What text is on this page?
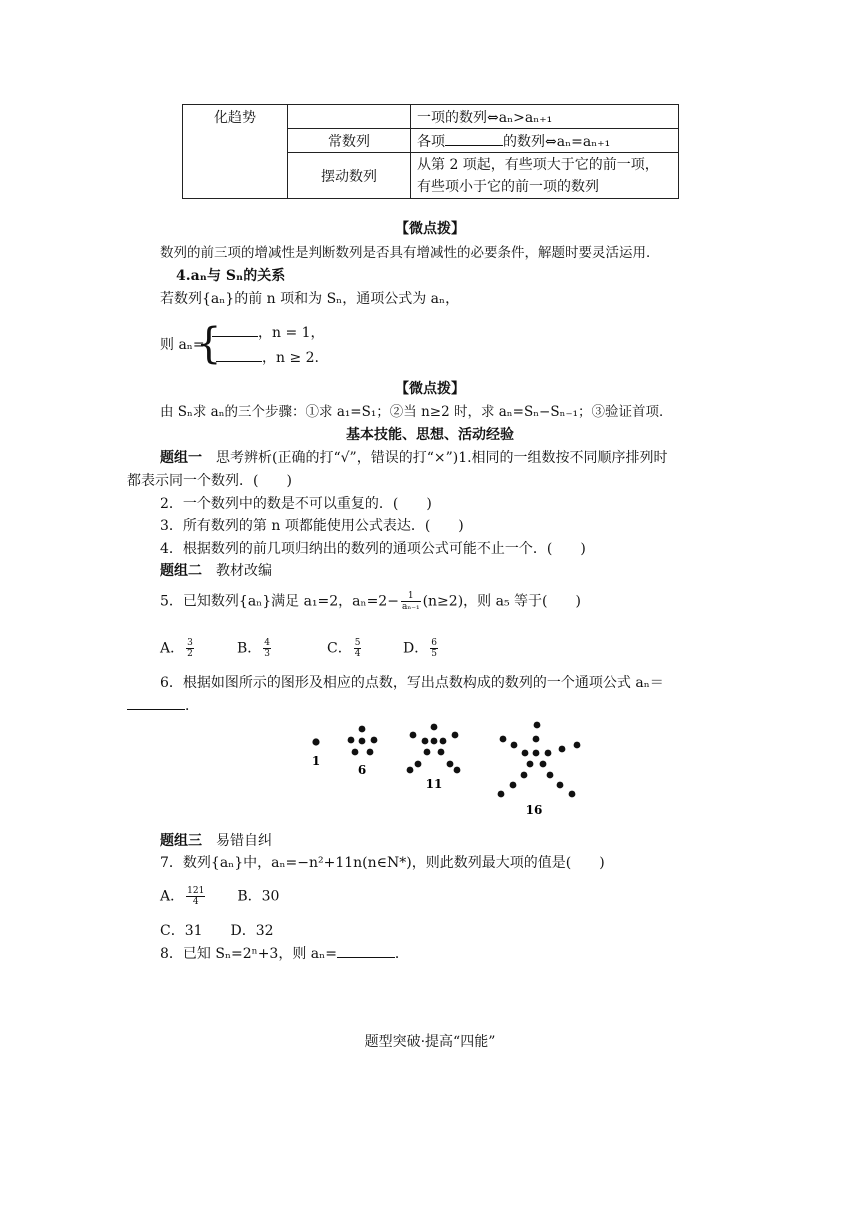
化趋势		一项的数列⇔aₙ>aₙ₊₁
	常数列	各项 的数列⇔aₙ=aₙ₊₁
	摆动数列	从第 2 项起，有些项大于它的前一项，
有些项小于它的前一项的数列
【微点拨】
数列的前三项的增减性是判断数列是否具有增减性的必要条件，解题时要灵活运用．
4.aₙ与 Sₙ的关系
若数列{aₙ}的前 n 项和为 Sₙ，通项公式为 aₙ，
则 aₙ=
{	，n = 1，
，n ≥ 2.
【微点拨】
由 Sₙ求 aₙ的三个步骤：①求 a₁=S₁；②当 n≥2 时，求 aₙ=Sₙ−Sₙ₋₁；③验证首项．
基本技能、思想、活动经验
题组一　思考辨析(正确的打“√”，错误的打“×”)1.相同的一组数按不同顺序排列时
都表示同一个数列．(　　)
2．一个数列中的数是不可以重复的．(　　)
3．所有数列的第 n 项都能使用公式表达．(　　)
4．根据数列的前几项归纳出的数列的通项公式可能不止一个．(　　)
题组二　教材改编
5．已知数列{aₙ}满足 a₁=2，$a_n=2- \frac{1}{\text{aₙ₋₁}} (n\ge 2)$，则 a₅ 等于(　　)
A． $\frac{3}{2}$	B． $\frac{4}{3}$	C． $\frac{5}{4}$	D． $\frac{6}{5}$
6．根据如图所示的图形及相应的点数，写出点数构成的数列的一个通项公式 aₙ＝
．
1
6
11
16
题组三　易错自纠
7．数列{aₙ}中，aₙ=−n²+11n(n∈N*)，则此数列最大项的值是(　　)
A． $\frac{121}{4}$ B．30
C．31　　D．32
8．已知 Sₙ=2ⁿ+3，则 aₙ=	．
题型突破·提高“四能”
